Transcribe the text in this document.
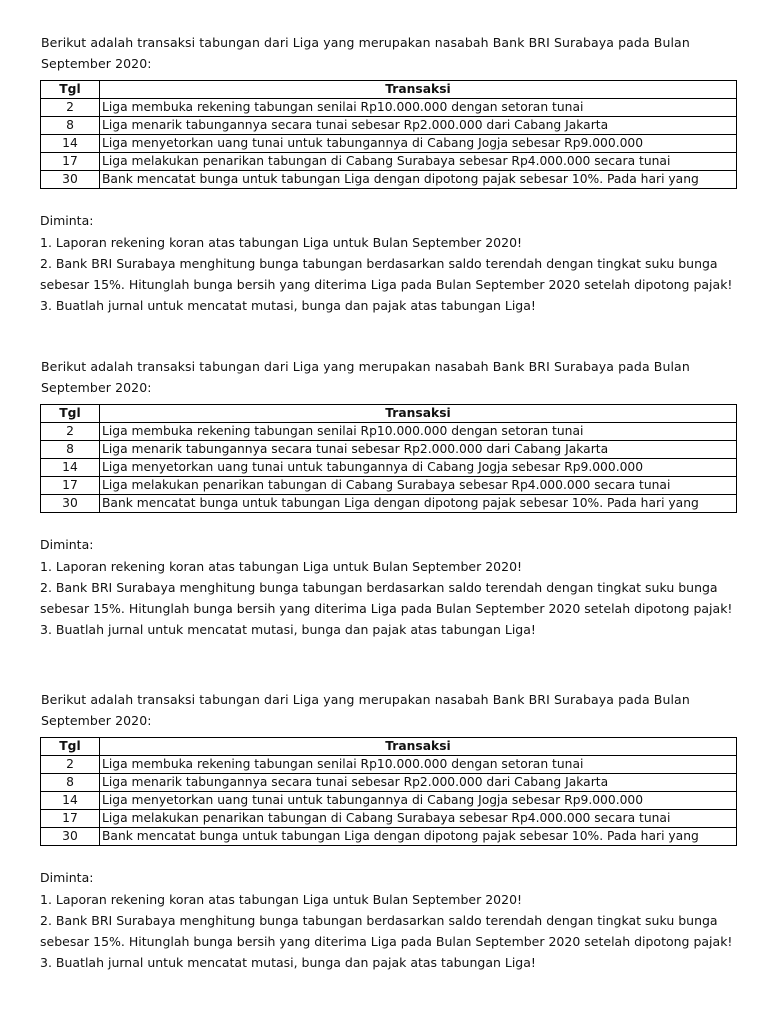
Berikut adalah transaksi tabungan dari Liga yang merupakan nasabah Bank BRI Surabaya pada Bulan September 2020:

Tgl	Transaksi
2	Liga membuka rekening tabungan senilai Rp10.000.000 dengan setoran tunai
8	Liga menarik tabungannya secara tunai sebesar Rp2.000.000 dari Cabang Jakarta
14	Liga menyetorkan uang tunai untuk tabungannya di Cabang Jogja sebesar Rp9.000.000
17	Liga melakukan penarikan tabungan di Cabang Surabaya sebesar Rp4.000.000 secara tunai
30	Bank mencatat bunga untuk tabungan Liga dengan dipotong pajak sebesar 10%. Pada hari yang

Diminta:

1. Laporan rekening koran atas tabungan Liga untuk Bulan September 2020!

2. Bank BRI Surabaya menghitung bunga tabungan berdasarkan saldo terendah dengan tingkat suku bunga sebesar 15%. Hitunglah bunga bersih yang diterima Liga pada Bulan September 2020 setelah dipotong pajak!

3. Buatlah jurnal untuk mencatat mutasi, bunga dan pajak atas tabungan Liga!

Berikut adalah transaksi tabungan dari Liga yang merupakan nasabah Bank BRI Surabaya pada Bulan September 2020:

Tgl	Transaksi
2	Liga membuka rekening tabungan senilai Rp10.000.000 dengan setoran tunai
8	Liga menarik tabungannya secara tunai sebesar Rp2.000.000 dari Cabang Jakarta
14	Liga menyetorkan uang tunai untuk tabungannya di Cabang Jogja sebesar Rp9.000.000
17	Liga melakukan penarikan tabungan di Cabang Surabaya sebesar Rp4.000.000 secara tunai
30	Bank mencatat bunga untuk tabungan Liga dengan dipotong pajak sebesar 10%. Pada hari yang

Diminta:

1. Laporan rekening koran atas tabungan Liga untuk Bulan September 2020!

2. Bank BRI Surabaya menghitung bunga tabungan berdasarkan saldo terendah dengan tingkat suku bunga sebesar 15%. Hitunglah bunga bersih yang diterima Liga pada Bulan September 2020 setelah dipotong pajak!

3. Buatlah jurnal untuk mencatat mutasi, bunga dan pajak atas tabungan Liga!

Berikut adalah transaksi tabungan dari Liga yang merupakan nasabah Bank BRI Surabaya pada Bulan September 2020:

Tgl	Transaksi
2	Liga membuka rekening tabungan senilai Rp10.000.000 dengan setoran tunai
8	Liga menarik tabungannya secara tunai sebesar Rp2.000.000 dari Cabang Jakarta
14	Liga menyetorkan uang tunai untuk tabungannya di Cabang Jogja sebesar Rp9.000.000
17	Liga melakukan penarikan tabungan di Cabang Surabaya sebesar Rp4.000.000 secara tunai
30	Bank mencatat bunga untuk tabungan Liga dengan dipotong pajak sebesar 10%. Pada hari yang

Diminta:

1. Laporan rekening koran atas tabungan Liga untuk Bulan September 2020!

2. Bank BRI Surabaya menghitung bunga tabungan berdasarkan saldo terendah dengan tingkat suku bunga sebesar 15%. Hitunglah bunga bersih yang diterima Liga pada Bulan September 2020 setelah dipotong pajak!

3. Buatlah jurnal untuk mencatat mutasi, bunga dan pajak atas tabungan Liga!
